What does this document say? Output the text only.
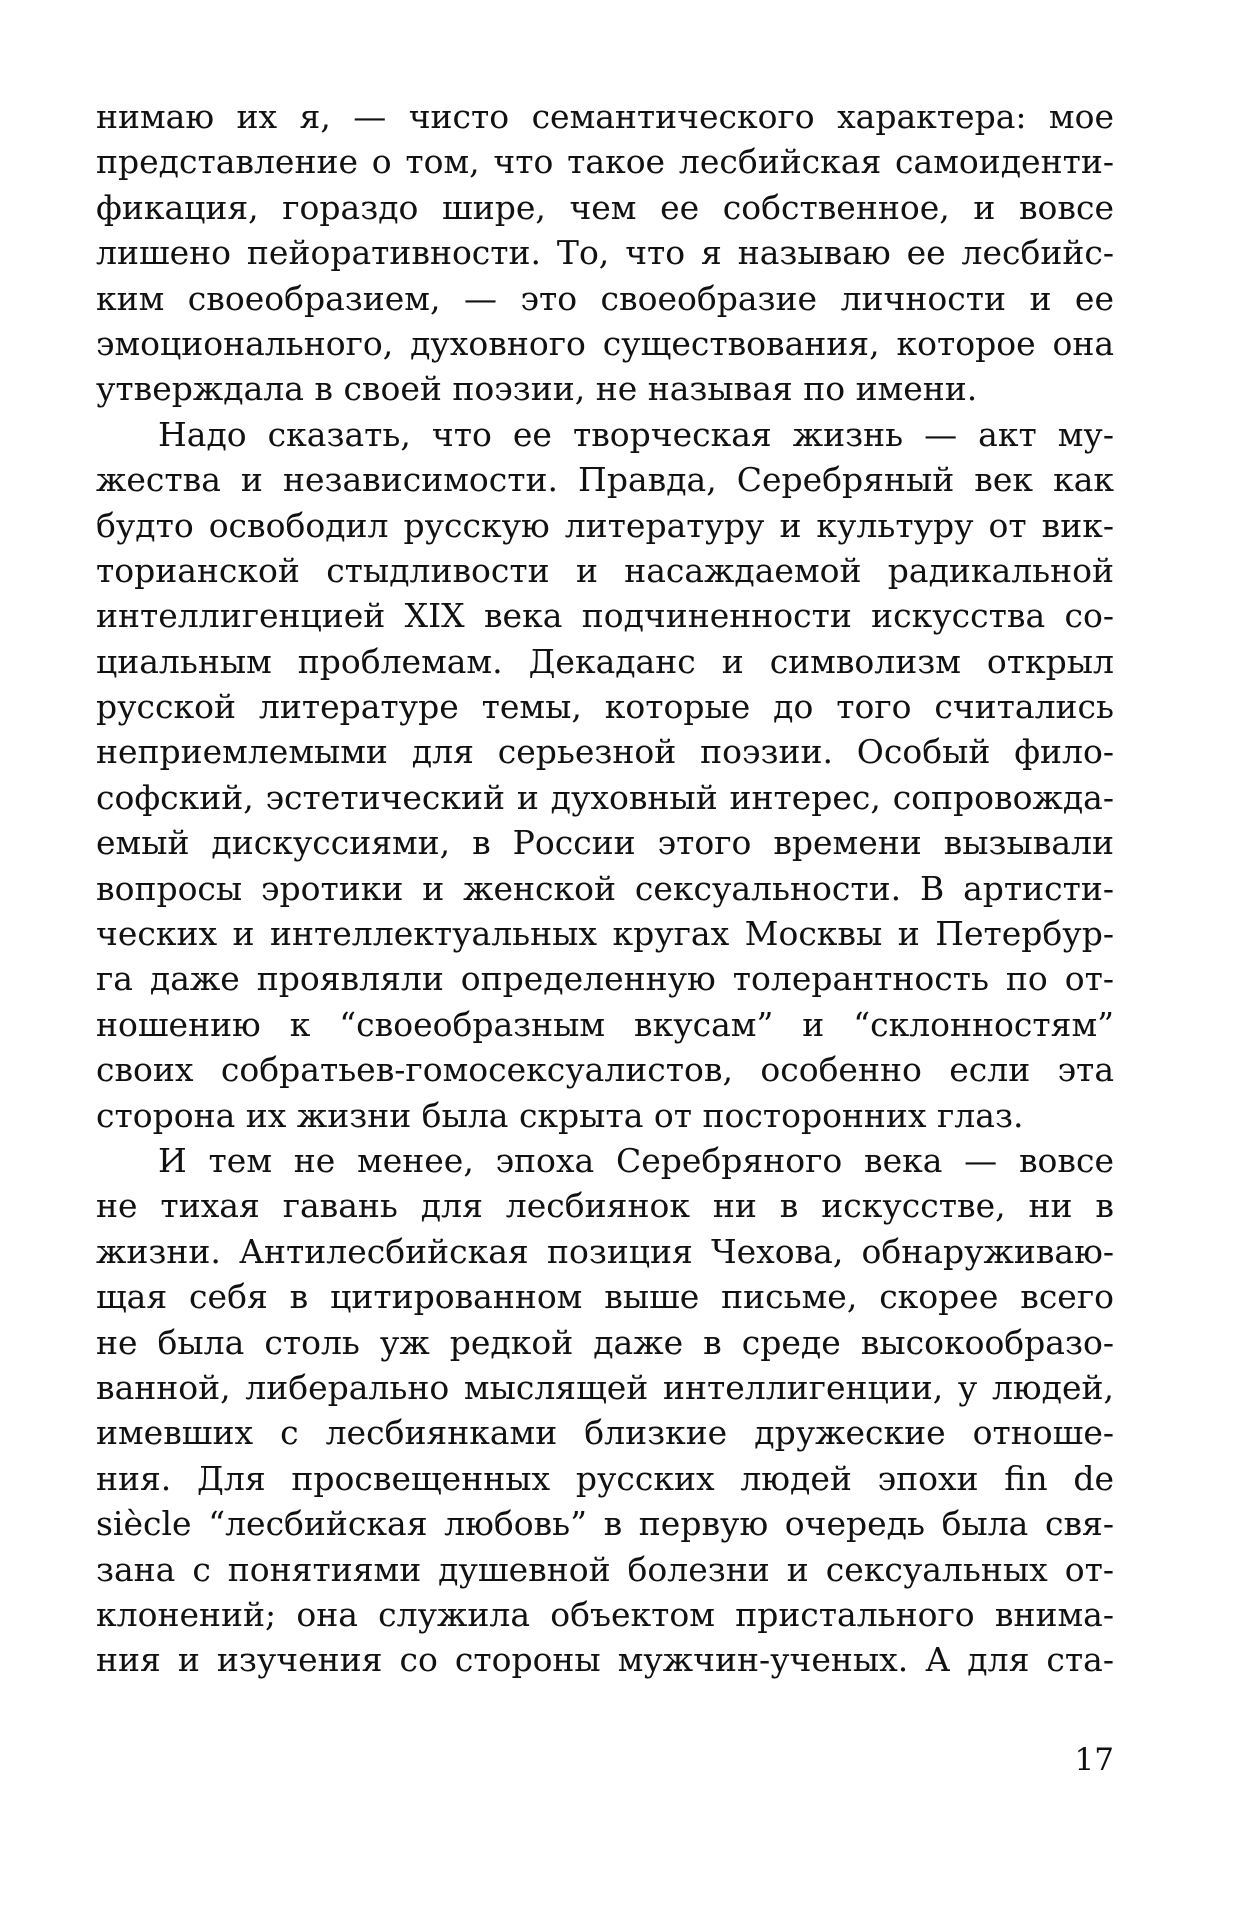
нимаю их я, — чисто семантического характера: мое
представление о том, что такое лесбийская самоиденти-
фикация, гораздо шире, чем ее собственное, и вовсе
лишено пейоративности. То, что я называю ее лесбийс-
ким своеобразием, — это своеобразие личности и ее
эмоционального, духовного существования, которое она
утверждала в своей поэзии, не называя по имени.
Надо сказать, что ее творческая жизнь — акт му-
жества и независимости. Правда, Серебряный век как
будто освободил русскую литературу и культуру от вик-
торианской стыдливости и насаждаемой радикальной
интеллигенцией XIX века подчиненности искусства со-
циальным проблемам. Декаданс и символизм открыл
русской литературе темы, которые до того считались
неприемлемыми для серьезной поэзии. Особый фило-
софский, эстетический и духовный интерес, сопровожда-
емый дискуссиями, в России этого времени вызывали
вопросы эротики и женской сексуальности. В артисти-
ческих и интеллектуальных кругах Москвы и Петербур-
га даже проявляли определенную толерантность по от-
ношению к “своеобразным вкусам” и “склонностям”
своих собратьев-гомосексуалистов, особенно если эта
сторона их жизни была скрыта от посторонних глаз.
И тем не менее, эпоха Серебряного века — вовсе
не тихая гавань для лесбиянок ни в искусстве, ни в
жизни. Антилесбийская позиция Чехова, обнаруживаю-
щая себя в цитированном выше письме, скорее всего
не была столь уж редкой даже в среде высокообразо-
ванной, либерально мыслящей интеллигенции, у людей,
имевших с лесбиянками близкие дружеские отноше-
ния. Для просвещенных русских людей эпохи fin de
siècle “лесбийская любовь” в первую очередь была свя-
зана с понятиями душевной болезни и сексуальных от-
клонений; она служила объектом пристального внима-
ния и изучения со стороны мужчин-ученых. А для ста-
17
